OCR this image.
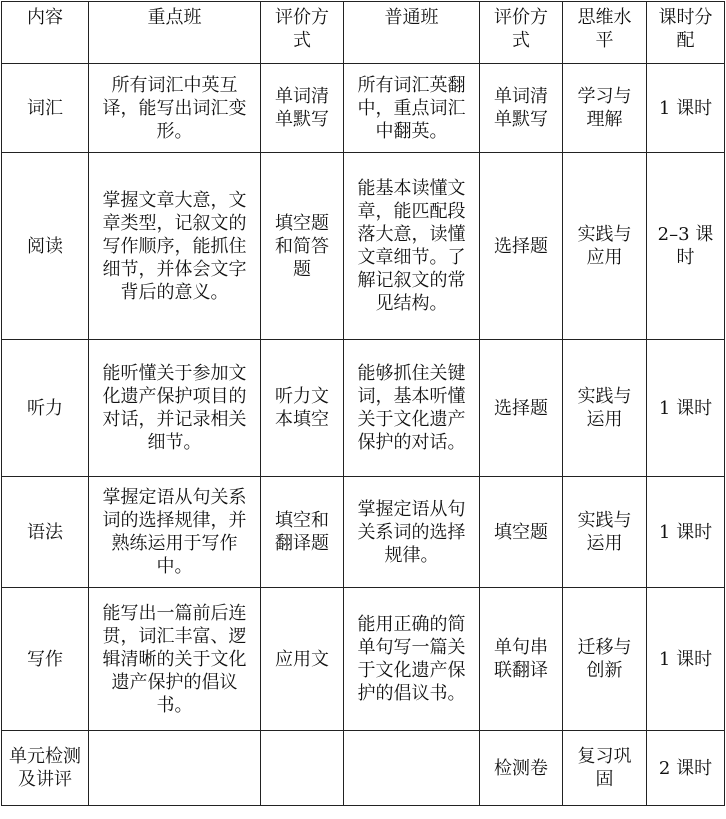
内容	重点班	评价方式	普通班	评价方式	思维水平	课时分配
词汇	所有词汇中英互译，能写出词汇变形。	单词清单默写	所有词汇英翻中，重点词汇中翻英。	单词清单默写	学习与理解	1 课时
阅读	掌握文章大意，文章类型，记叙文的写作顺序，能抓住细节，并体会文字背后的意义。	填空题和简答题	能基本读懂文章，能匹配段落大意，读懂文章细节。了解记叙文的常见结构。	选择题	实践与应用	2–3 课时
听力	能听懂关于参加文化遗产保护项目的对话，并记录相关细节。	听力文本填空	能够抓住关键词，基本听懂关于文化遗产保护的对话。	选择题	实践与运用	1 课时
语法	掌握定语从句关系词的选择规律，并熟练运用于写作中。	填空和翻译题	掌握定语从句关系词的选择规律。	填空题	实践与运用	1 课时
写作	能写出一篇前后连贯，词汇丰富、逻辑清晰的关于文化遗产保护的倡议书。	应用文	能用正确的简单句写一篇关于文化遗产保护的倡议书。	单句串联翻译	迁移与创新	1 课时
单元检测及讲评				检测卷	复习巩固	2 课时
